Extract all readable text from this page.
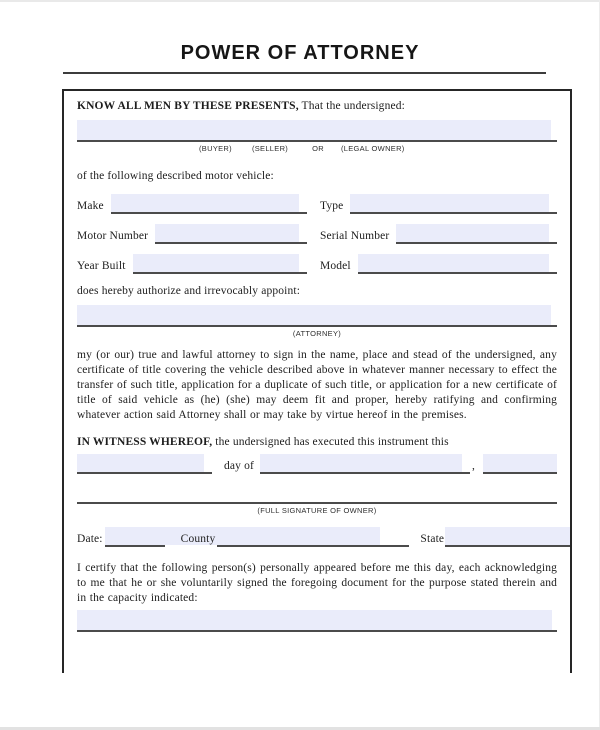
POWER OF ATTORNEY
KNOW ALL MEN BY THESE PRESENTS, That the undersigned:
(BUYER)	(SELLER)	OR (LEGAL OWNER)
of the following described motor vehicle:
Make	Type
Motor Number	Serial Number
Year Built	Model
does hereby authorize and irrevocably appoint:
(ATTORNEY)
my (or our) true and lawful attorney to sign in the name, place and stead of the undersigned, any certificate of title covering the vehicle described above in whatever manner necessary to effect the transfer of such title, application for a duplicate of such title, or application for a new certificate of title of said vehicle as (he) (she) may deem fit and proper, hereby ratifying and confirming whatever action said Attorney shall or may take by virtue hereof in the premises.
IN WITNESS WHEREOF, the undersigned has executed this instrument this
day of	,
(FULL SIGNATURE OF OWNER)
Date:	County	State
I certify that the following person(s) personally appeared before me this day, each acknowledging to me that he or she voluntarily signed the foregoing document for the purpose stated therein and in the capacity indicated:
